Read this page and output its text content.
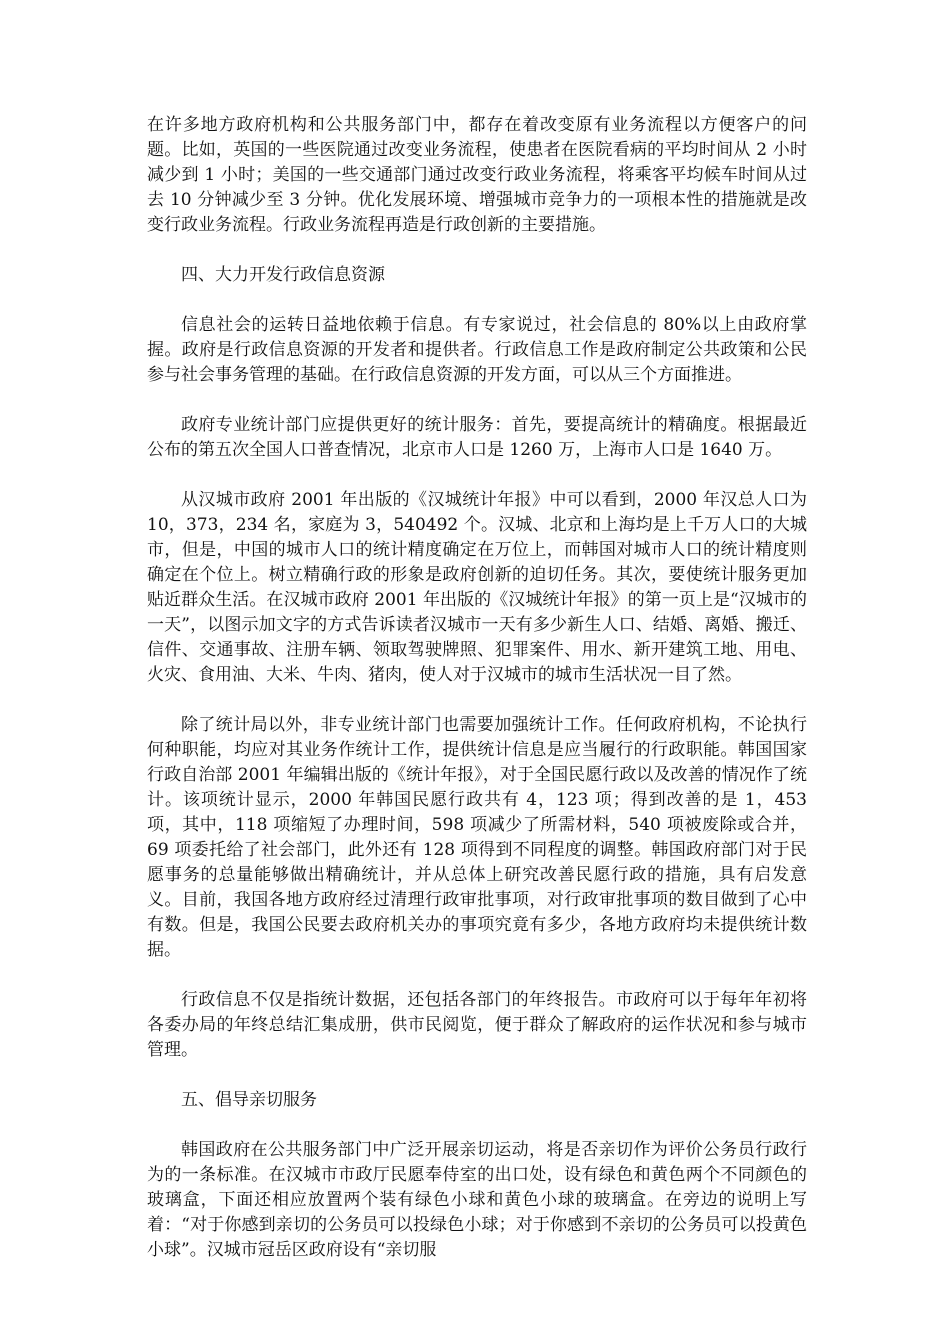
在许多地方政府机构和公共服务部门中，都存在着改变原有业务流程以方便客户的问题。比如，英国的一些医院通过改变业务流程，使患者在医院看病的平均时间从 2 小时减少到 1 小时；美国的一些交通部门通过改变行政业务流程，将乘客平均候车时间从过去 10 分钟减少至 3 分钟。优化发展环境、增强城市竞争力的一项根本性的措施就是改变行政业务流程。行政业务流程再造是行政创新的主要措施。

四、大力开发行政信息资源

信息社会的运转日益地依赖于信息。有专家说过，社会信息的 80%以上由政府掌握。政府是行政信息资源的开发者和提供者。行政信息工作是政府制定公共政策和公民参与社会事务管理的基础。在行政信息资源的开发方面，可以从三个方面推进。

政府专业统计部门应提供更好的统计服务：首先，要提高统计的精确度。根据最近公布的第五次全国人口普查情况，北京市人口是 1260 万，上海市人口是 1640 万。

从汉城市政府 2001 年出版的《汉城统计年报》中可以看到，2000 年汉总人口为 10，373，234 名，家庭为 3，540492 个。汉城、北京和上海均是上千万人口的大城市，但是，中国的城市人口的统计精度确定在万位上，而韩国对城市人口的统计精度则确定在个位上。树立精确行政的形象是政府创新的迫切任务。其次，要使统计服务更加贴近群众生活。在汉城市政府 2001 年出版的《汉城统计年报》的第一页上是“汉城市的一天”，以图示加文字的方式告诉读者汉城市一天有多少新生人口、结婚、离婚、搬迁、信件、交通事故、注册车辆、领取驾驶牌照、犯罪案件、用水、新开建筑工地、用电、火灾、食用油、大米、牛肉、猪肉，使人对于汉城市的城市生活状况一目了然。

除了统计局以外，非专业统计部门也需要加强统计工作。任何政府机构，不论执行何种职能，均应对其业务作统计工作，提供统计信息是应当履行的行政职能。韩国国家行政自治部 2001 年编辑出版的《统计年报》，对于全国民愿行政以及改善的情况作了统计。该项统计显示，2000 年韩国民愿行政共有 4，123 项；得到改善的是 1，453 项，其中，118 项缩短了办理时间，598 项减少了所需材料，540 项被废除或合并，69 项委托给了社会部门，此外还有 128 项得到不同程度的调整。韩国政府部门对于民愿事务的总量能够做出精确统计，并从总体上研究改善民愿行政的措施，具有启发意义。目前，我国各地方政府经过清理行政审批事项，对行政审批事项的数目做到了心中有数。但是，我国公民要去政府机关办的事项究竟有多少，各地方政府均未提供统计数据。

行政信息不仅是指统计数据，还包括各部门的年终报告。市政府可以于每年年初将各委办局的年终总结汇集成册，供市民阅览，便于群众了解政府的运作状况和参与城市管理。

五、倡导亲切服务

韩国政府在公共服务部门中广泛开展亲切运动，将是否亲切作为评价公务员行政行为的一条标准。在汉城市市政厅民愿奉侍室的出口处，设有绿色和黄色两个不同颜色的玻璃盒，下面还相应放置两个装有绿色小球和黄色小球的玻璃盒。在旁边的说明上写着：“对于你感到亲切的公务员可以投绿色小球；对于你感到不亲切的公务员可以投黄色小球”。汉城市冠岳区政府设有“亲切服
